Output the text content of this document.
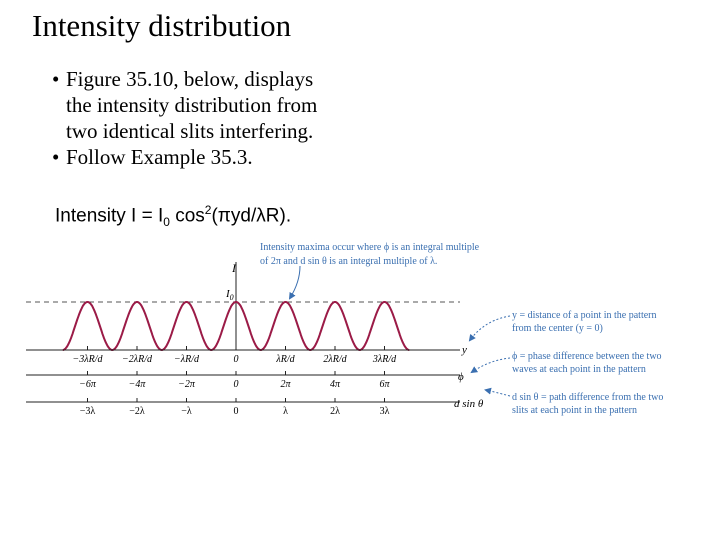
Intensity distribution
• Figure 35.10, below, displays
the intensity distribution from
two identical slits interfering.
• Follow Example 35.3.
Intensity $I = I_0$ $\cos^2(\pi yd/\lambda R)$.
Intensity maxima occur where ϕ is an integral multiple
of 2π and d sin θ is an integral multiple of λ.
I
$I_0$
y
ϕ
d sin θ
−3λR/d −2λR/d −λR/d	0	λR/d	2λR/d	3λR/d
−6π	−4π	−2π	0	2π	4π	6π
−3λ	−2λ	−λ	0	λ	2λ	3λ
y = distance of a point in the pattern
from the center (y = 0)
ϕ = phase difference between the two
waves at each point in the pattern
d sin θ = path difference from the two
slits at each point in the pattern
